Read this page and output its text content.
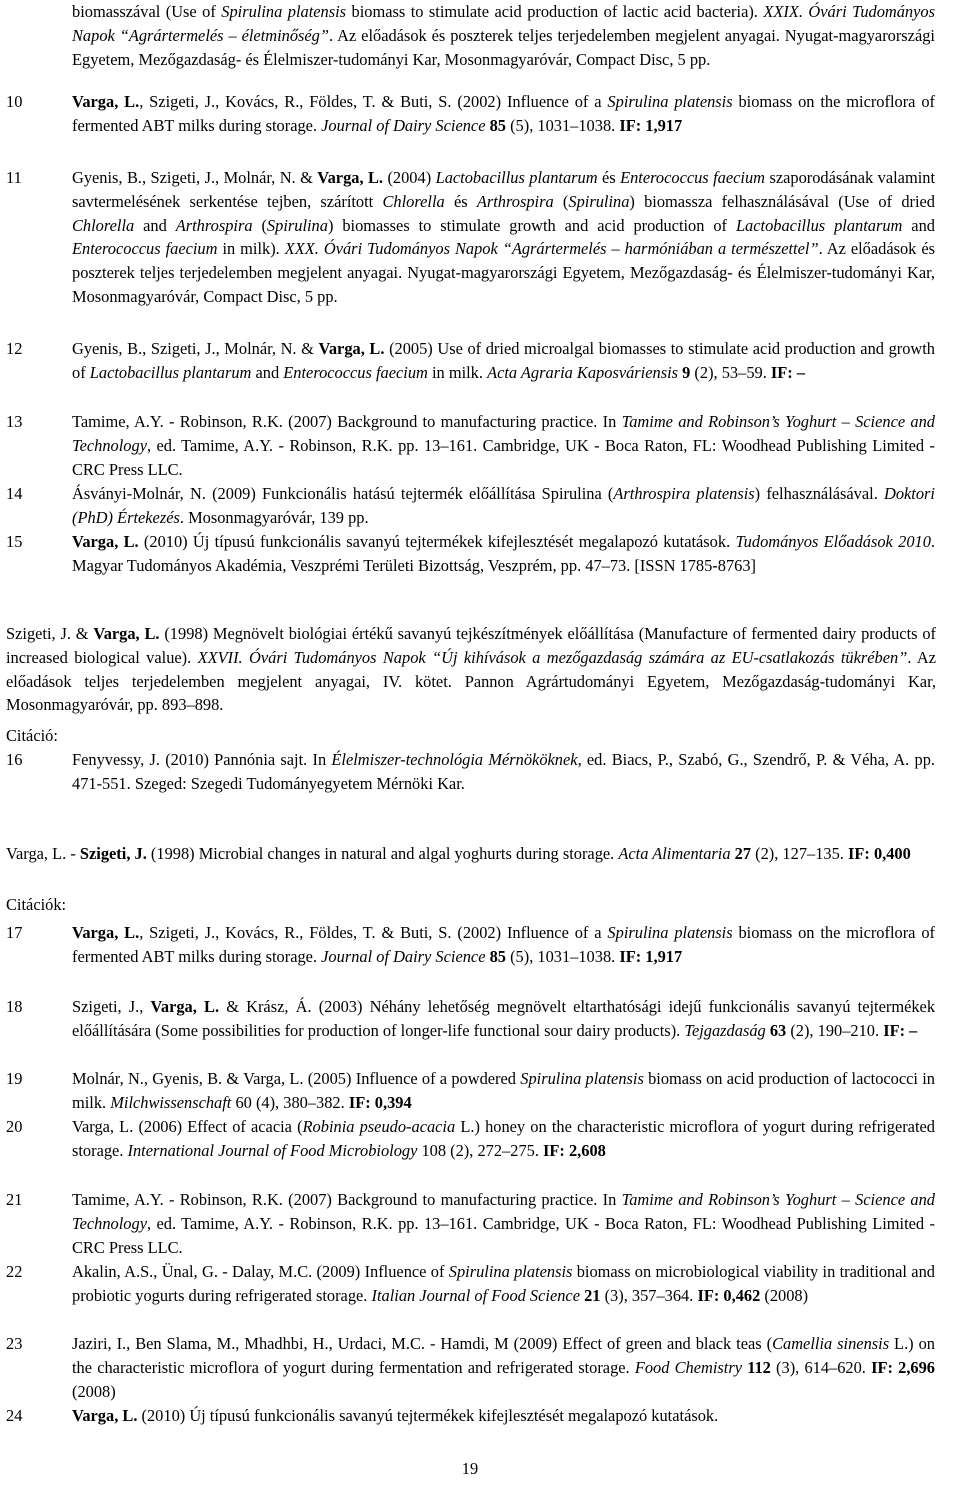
biomasszával (Use of Spirulina platensis biomass to stimulate acid production of lactic acid bacteria). XXIX. Óvári Tudományos Napok “Agrártermelés – életminőség”. Az előadások és poszterek teljes terjedelemben megjelent anyagai. Nyugat-magyarországi Egyetem, Mezőgazdaság- és Élelmiszer-tudományi Kar, Mosonmagyaróvár, Compact Disc, 5 pp.
10	Varga, L., Szigeti, J., Kovács, R., Földes, T. & Buti, S. (2002) Influence of a Spirulina platensis biomass on the microflora of fermented ABT milks during storage. Journal of Dairy Science 85 (5), 1031–1038. IF: 1,917
11	Gyenis, B., Szigeti, J., Molnár, N. & Varga, L. (2004) Lactobacillus plantarum és Enterococcus faecium szaporodásának valamint savtermelésének serkentése tejben, szárított Chlorella és Arthrospira (Spirulina) biomassza felhasználásával (Use of dried Chlorella and Arthrospira (Spirulina) biomasses to stimulate growth and acid production of Lactobacillus plantarum and Enterococcus faecium in milk). XXX. Óvári Tudományos Napok “Agrártermelés – harmóniában a természettel”. Az előadások és poszterek teljes terjedelemben megjelent anyagai. Nyugat-magyarországi Egyetem, Mezőgazdaság- és Élelmiszer-tudományi Kar, Mosonmagyaróvár, Compact Disc, 5 pp.
12	Gyenis, B., Szigeti, J., Molnár, N. & Varga, L. (2005) Use of dried microalgal biomasses to stimulate acid production and growth of Lactobacillus plantarum and Enterococcus faecium in milk. Acta Agraria Kaposváriensis 9 (2), 53–59. IF: –
13	Tamime, A.Y. - Robinson, R.K. (2007) Background to manufacturing practice. In Tamime and Robinson’s Yoghurt – Science and Technology, ed. Tamime, A.Y. - Robinson, R.K. pp. 13–161. Cambridge, UK - Boca Raton, FL: Woodhead Publishing Limited - CRC Press LLC.
14	Ásványi-Molnár, N. (2009) Funkcionális hatású tejtermék előállítása Spirulina (Arthrospira platensis) felhasználásával. Doktori (PhD) Értekezés. Mosonmagyaróvár, 139 pp.
15	Varga, L. (2010) Új típusú funkcionális savanyú tejtermékek kifejlesztését megalapozó kutatások. Tudományos Előadások 2010. Magyar Tudományos Akadémia, Veszprémi Területi Bizottság, Veszprém, pp. 47–73. [ISSN 1785-8763]
Szigeti, J. & Varga, L. (1998) Megnövelt biológiai értékű savanyú tejkészítmények előállítása (Manufacture of fermented dairy products of increased biological value). XXVII. Óvári Tudományos Napok “Új kihívások a mezőgazdaság számára az EU-csatlakozás tükrében”. Az előadások teljes terjedelemben megjelent anyagai, IV. kötet. Pannon Agrártudományi Egyetem, Mezőgazdaság-tudományi Kar, Mosonmagyaróvár, pp. 893–898.
Citáció:
16	Fenyvessy, J. (2010) Pannónia sajt. In Élelmiszer-technológia Mérnököknek, ed. Biacs, P., Szabó, G., Szendrő, P. & Véha, A. pp. 471-551. Szeged: Szegedi Tudományegyetem Mérnöki Kar.
Varga, L. - Szigeti, J. (1998) Microbial changes in natural and algal yoghurts during storage. Acta Alimentaria 27 (2), 127–135. IF: 0,400
Citációk:
17	Varga, L., Szigeti, J., Kovács, R., Földes, T. & Buti, S. (2002) Influence of a Spirulina platensis biomass on the microflora of fermented ABT milks during storage. Journal of Dairy Science 85 (5), 1031–1038. IF: 1,917
18	Szigeti, J., Varga, L. & Krász, Á. (2003) Néhány lehetőség megnövelt eltarthatósági idejű funkcionális savanyú tejtermékek előállítására (Some possibilities for production of longer-life functional sour dairy products). Tejgazdaság 63 (2), 190–210. IF: –
19	Molnár, N., Gyenis, B. & Varga, L. (2005) Influence of a powdered Spirulina platensis biomass on acid production of lactococci in milk. Milchwissenschaft 60 (4), 380–382. IF: 0,394
20	Varga, L. (2006) Effect of acacia (Robinia pseudo-acacia L.) honey on the characteristic microflora of yogurt during refrigerated storage. International Journal of Food Microbiology 108 (2), 272–275. IF: 2,608
21	Tamime, A.Y. - Robinson, R.K. (2007) Background to manufacturing practice. In Tamime and Robinson’s Yoghurt – Science and Technology, ed. Tamime, A.Y. - Robinson, R.K. pp. 13–161. Cambridge, UK - Boca Raton, FL: Woodhead Publishing Limited - CRC Press LLC.
22	Akalin, A.S., Ünal, G. - Dalay, M.C. (2009) Influence of Spirulina platensis biomass on microbiological viability in traditional and probiotic yogurts during refrigerated storage. Italian Journal of Food Science 21 (3), 357–364. IF: 0,462 (2008)
23	Jaziri, I., Ben Slama, M., Mhadhbi, H., Urdaci, M.C. - Hamdi, M (2009) Effect of green and black teas (Camellia sinensis L.) on the characteristic microflora of yogurt during fermentation and refrigerated storage. Food Chemistry 112 (3), 614–620. IF: 2,696 (2008)
24	Varga, L. (2010) Új típusú funkcionális savanyú tejtermékek kifejlesztését megalapozó kutatások.
19
